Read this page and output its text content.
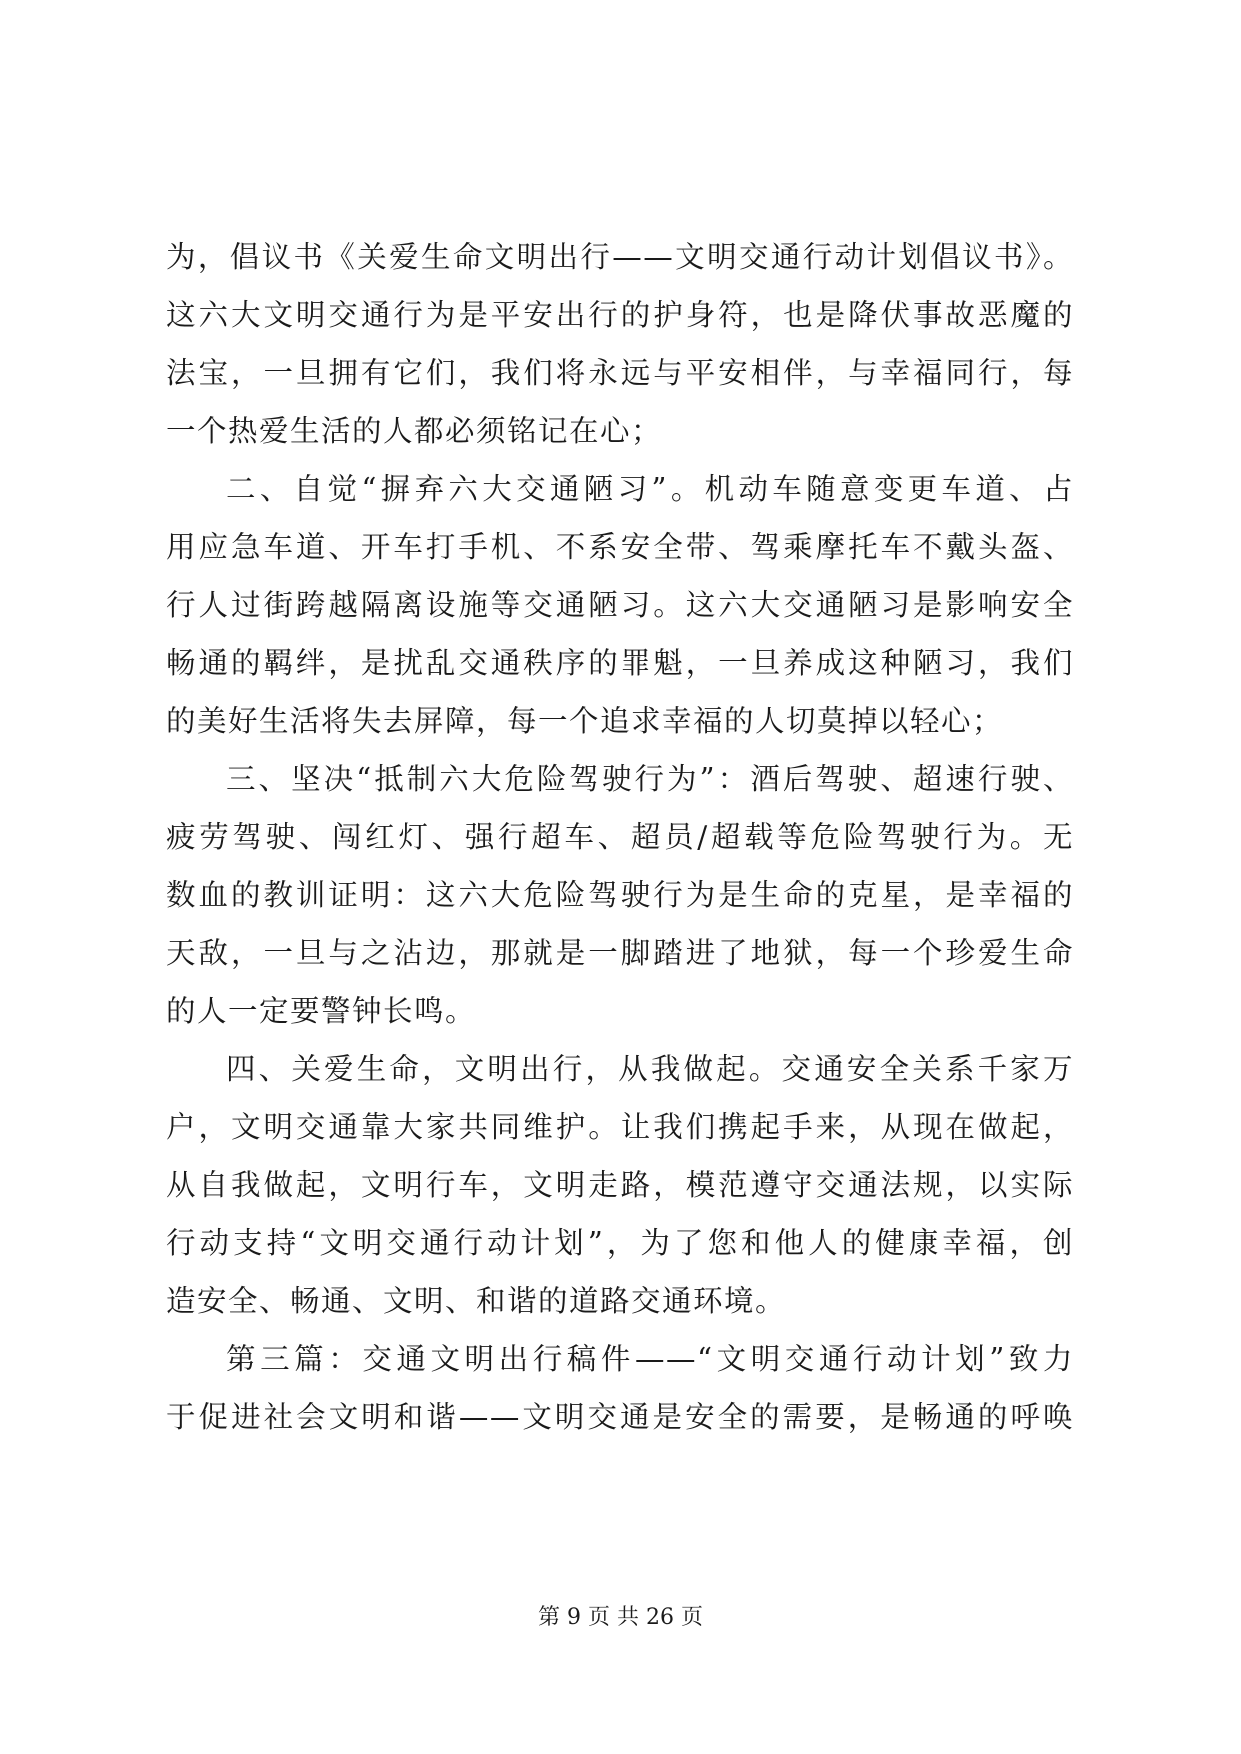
为，倡议书《关爱生命文明出行——文明交通行动计划倡议书》。
这六大文明交通行为是平安出行的护身符，也是降伏事故恶魔的
法宝，一旦拥有它们，我们将永远与平安相伴，与幸福同行，每
一个热爱生活的人都必须铭记在心；
二、自觉“摒弃六大交通陋习”。机动车随意变更车道、占
用应急车道、开车打手机、不系安全带、驾乘摩托车不戴头盔、
行人过街跨越隔离设施等交通陋习。这六大交通陋习是影响安全
畅通的羁绊，是扰乱交通秩序的罪魁，一旦养成这种陋习，我们
的美好生活将失去屏障，每一个追求幸福的人切莫掉以轻心；
三、坚决“抵制六大危险驾驶行为”：酒后驾驶、超速行驶、
疲劳驾驶、闯红灯、强行超车、超员/超载等危险驾驶行为。无
数血的教训证明：这六大危险驾驶行为是生命的克星，是幸福的
天敌，一旦与之沾边，那就是一脚踏进了地狱，每一个珍爱生命
的人一定要警钟长鸣。
四、关爱生命，文明出行，从我做起。交通安全关系千家万
户，文明交通靠大家共同维护。让我们携起手来，从现在做起，
从自我做起，文明行车，文明走路，模范遵守交通法规，以实际
行动支持“文明交通行动计划”，为了您和他人的健康幸福，创
造安全、畅通、文明、和谐的道路交通环境。
第三篇：交通文明出行稿件——“文明交通行动计划”致力
于促进社会文明和谐——文明交通是安全的需要，是畅通的呼唤
第 9 页 共 26 页
